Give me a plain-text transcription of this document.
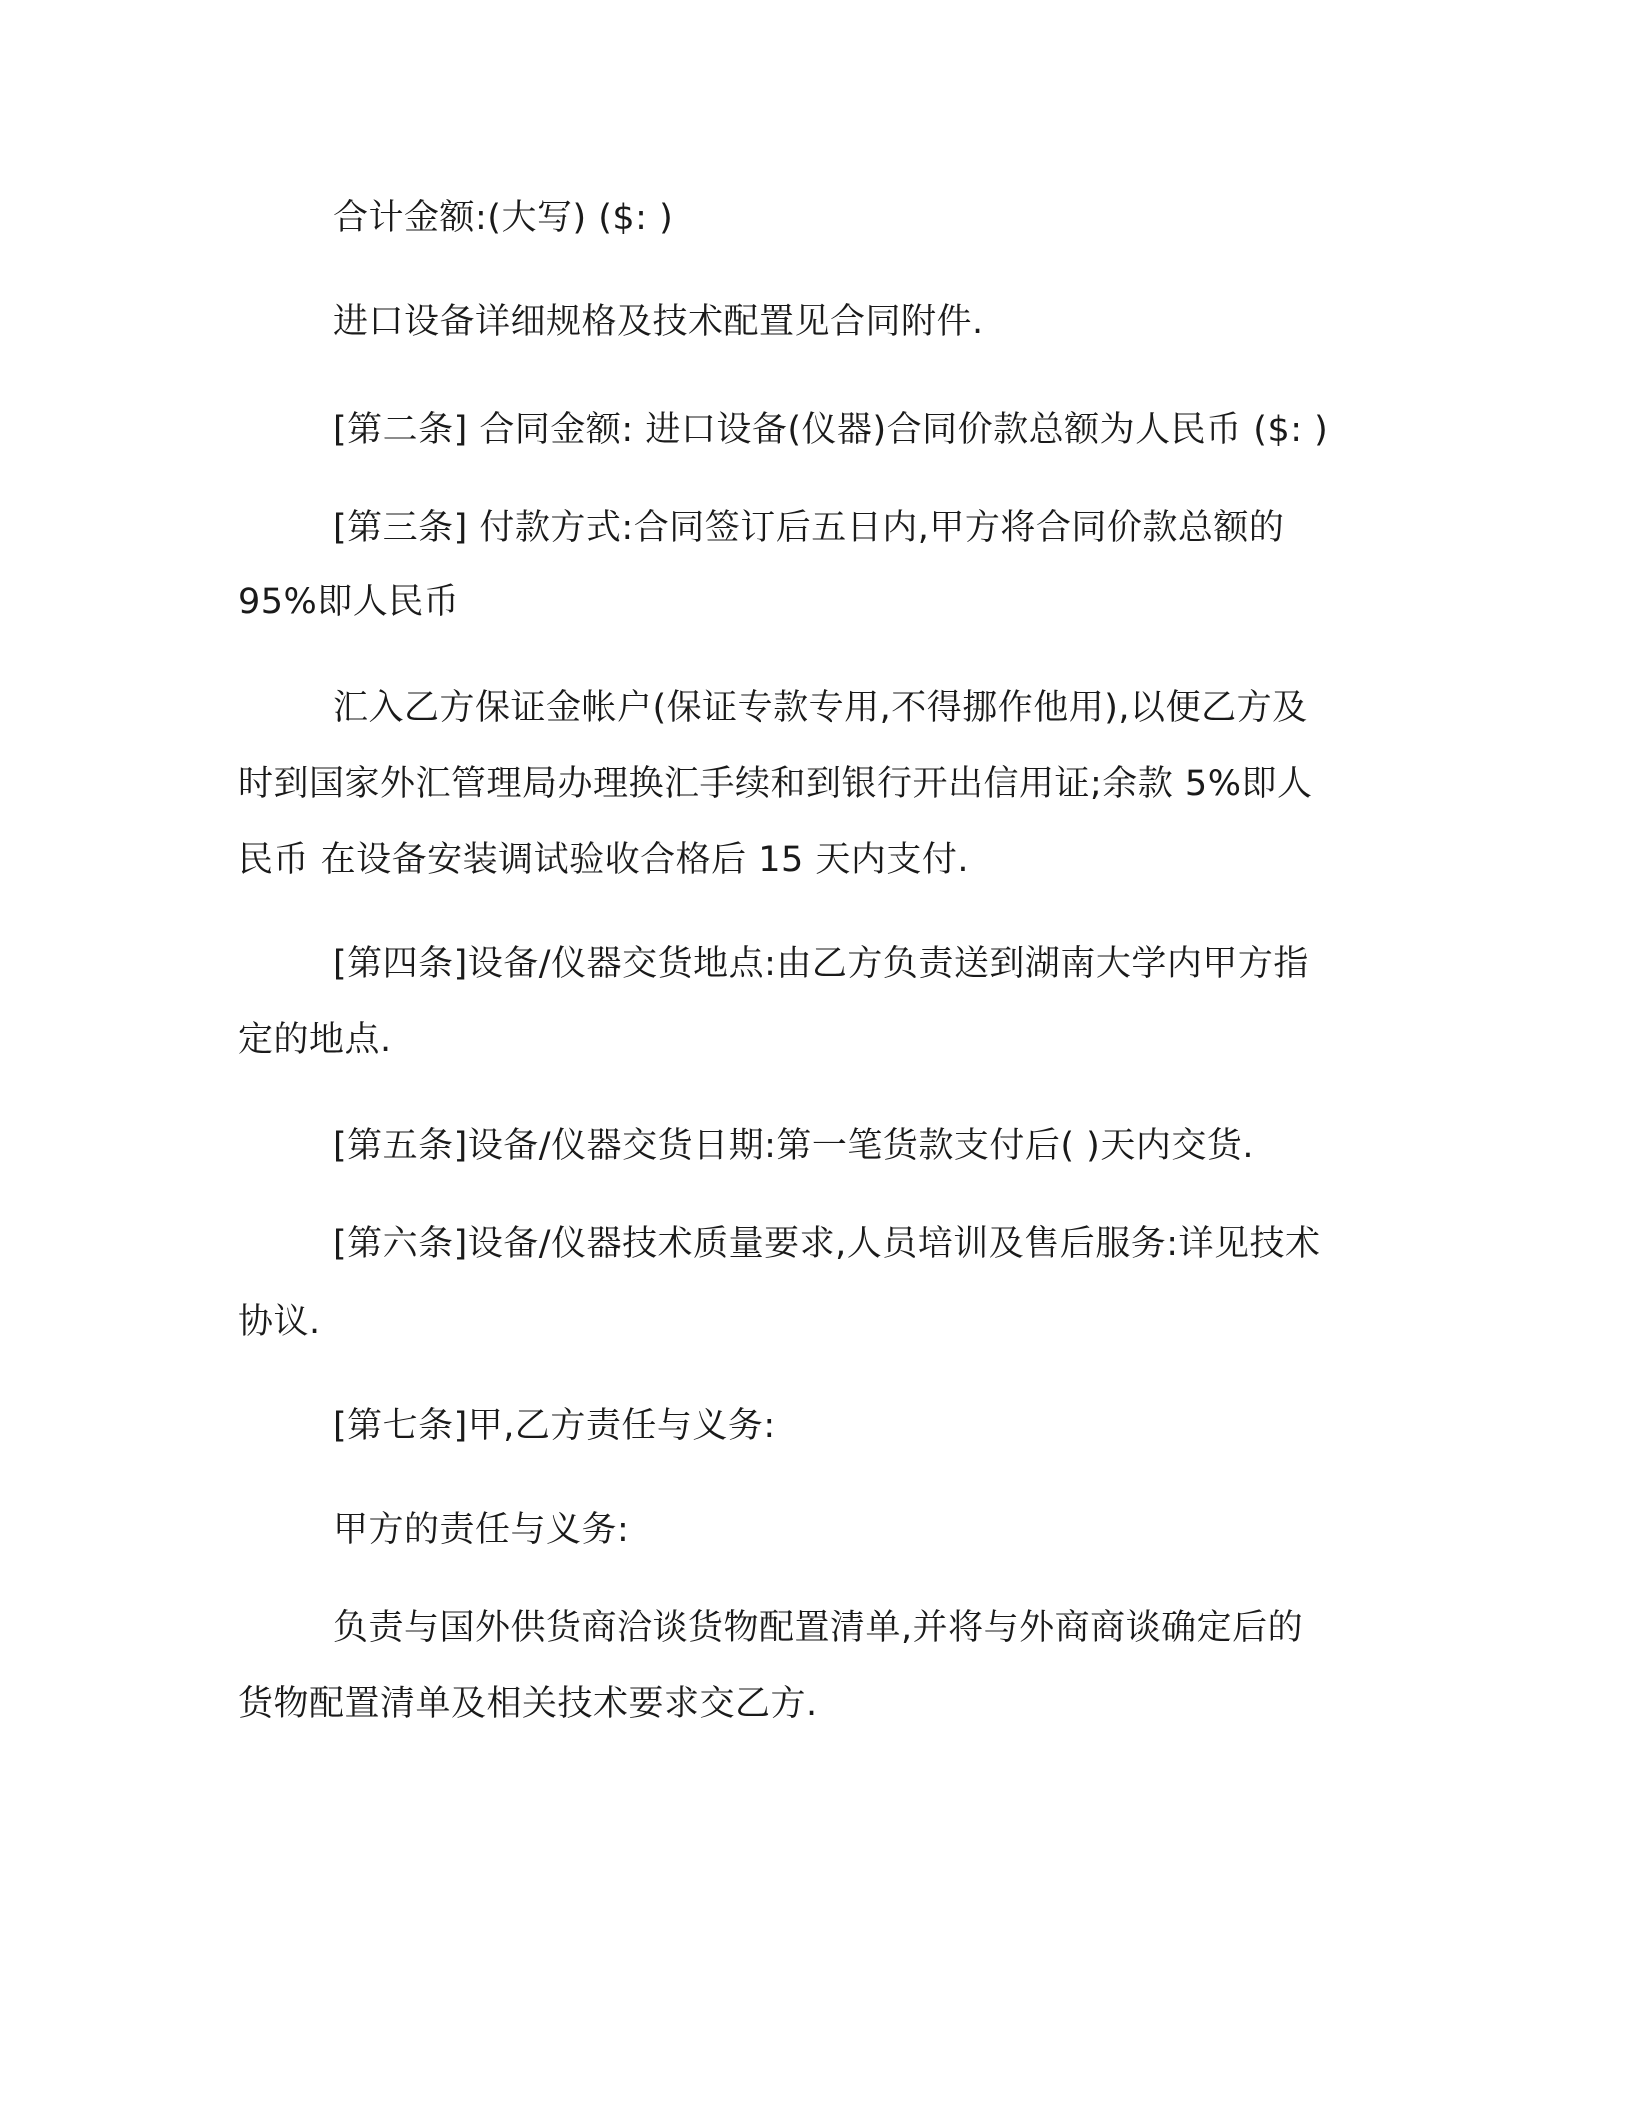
合计金额:(大写) ($: )
进口设备详细规格及技术配置见合同附件.
[第二条] 合同金额: 进口设备(仪器)合同价款总额为人民币 ($: )
[第三条] 付款方式:合同签订后五日内,甲方将合同价款总额的
95%即人民币
汇入乙方保证金帐户(保证专款专用,不得挪作他用),以便乙方及
时到国家外汇管理局办理换汇手续和到银行开出信用证;余款 5%即人
民币 在设备安装调试验收合格后 15 天内支付.
[第四条]设备/仪器交货地点:由乙方负责送到湖南大学内甲方指
定的地点.
[第五条]设备/仪器交货日期:第一笔货款支付后( )天内交货.
[第六条]设备/仪器技术质量要求,人员培训及售后服务:详见技术
协议.
[第七条]甲,乙方责任与义务:
甲方的责任与义务:
负责与国外供货商洽谈货物配置清单,并将与外商商谈确定后的
货物配置清单及相关技术要求交乙方.
